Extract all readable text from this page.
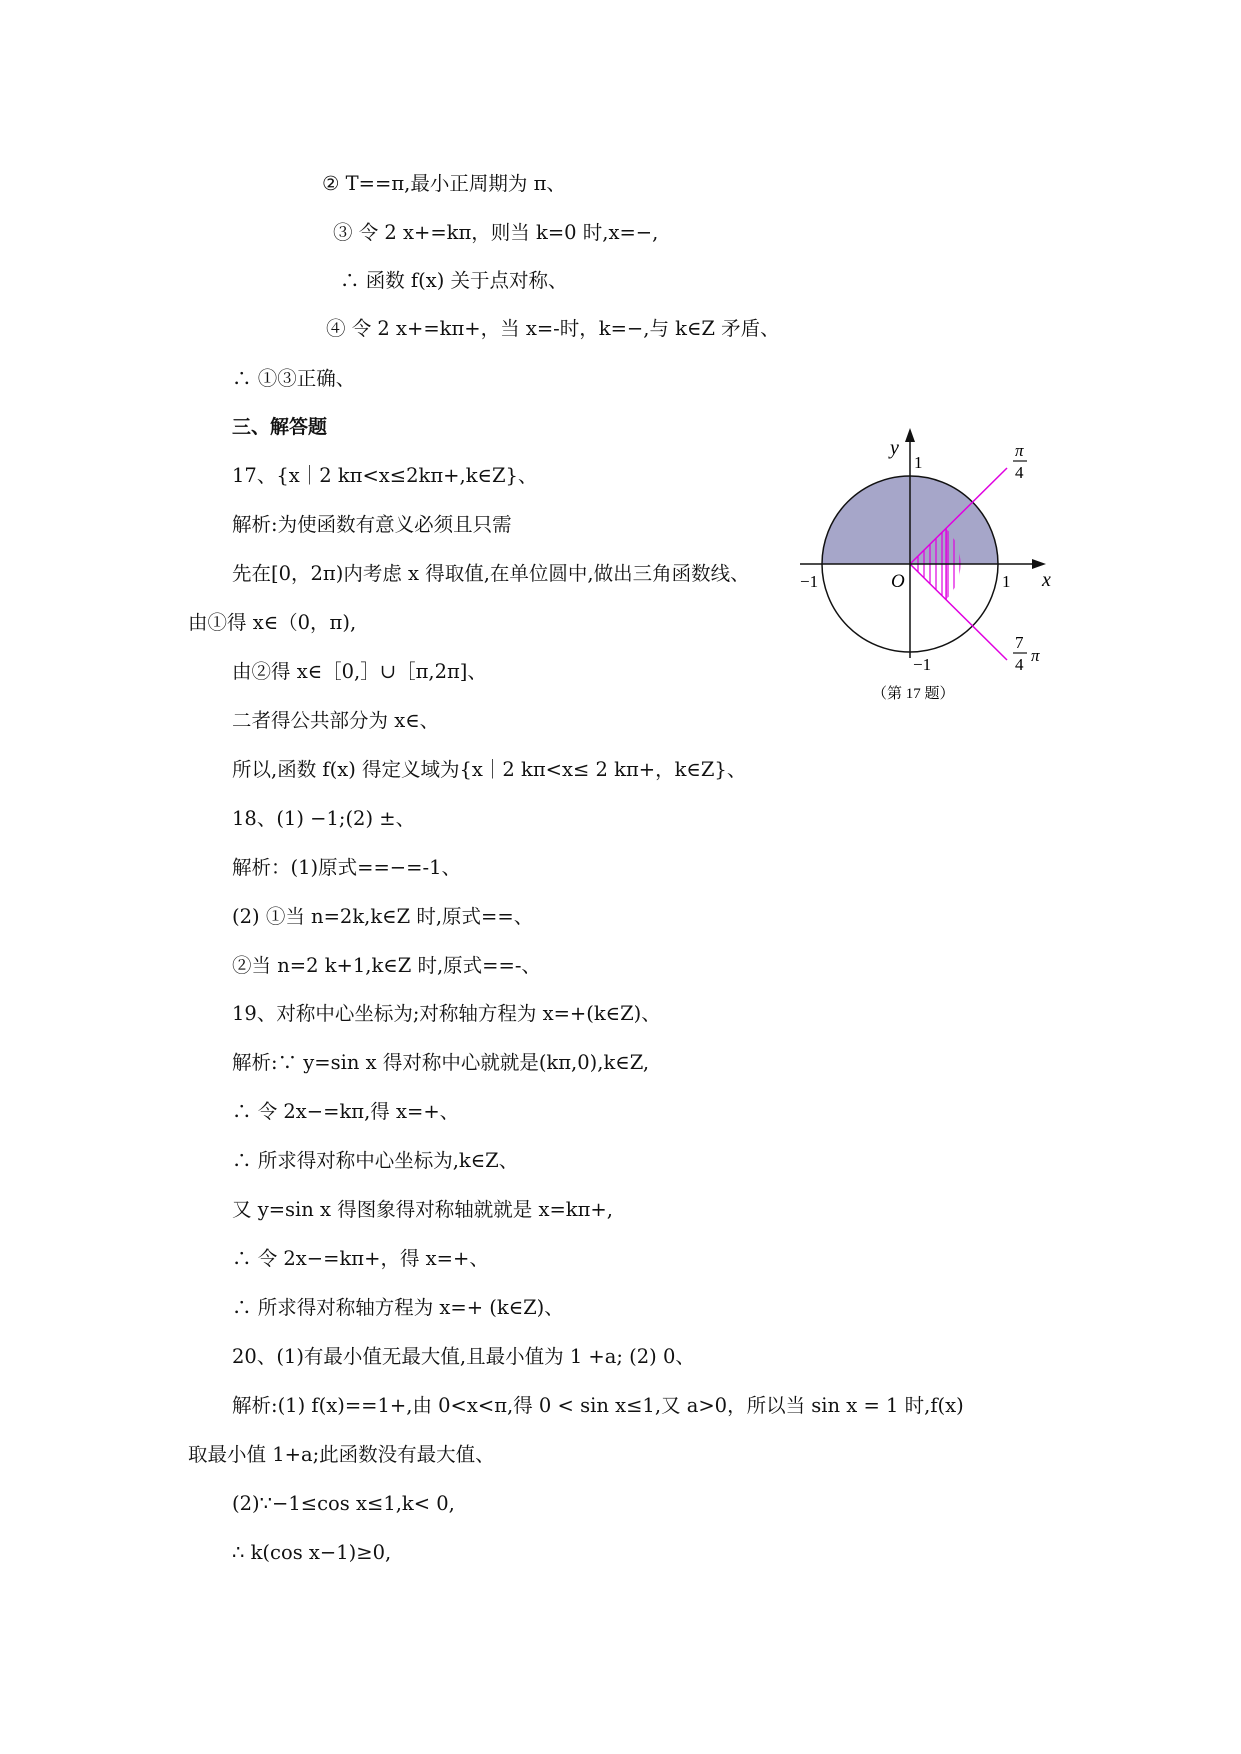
② T==π,最小正周期为 π、
③ 令 2 x+=kπ，则当 k=0 时,x=−,
∴ 函数 f(x) 关于点对称、
④ 令 2 x+=kπ+，当 x=-时，k=−,与 k∈Z 矛盾、
∴ ①③正确、
三、解答题
17、{x｜2 kπ<x≤2kπ+,k∈Z}、
解析:为使函数有意义必须且只需
先在[0，2π)内考虑 x 得取值,在单位圆中,做出三角函数线、
由①得 x∈（0，π),
由②得 x∈［0,］∪［π,2π]、
二者得公共部分为 x∈、
所以,函数 f(x) 得定义域为{x｜2 kπ<x≤ 2 kπ+，k∈Z}、
18、(1) −1;(2) ±、
解析：(1)原式==−=-1、
(2) ①当 n=2k,k∈Z 时,原式==、
②当 n=2 k+1,k∈Z 时,原式==-、
19、对称中心坐标为;对称轴方程为 x=+(k∈Z)、
解析:∵ y=sin x 得对称中心就就是(kπ,0),k∈Z,
∴ 令 2x−=kπ,得 x=+、
∴ 所求得对称中心坐标为,k∈Z、
又 y=sin x 得图象得对称轴就就是 x=kπ+,
∴ 令 2x−=kπ+，得 x=+、
∴ 所求得对称轴方程为 x=+ (k∈Z)、
20、(1)有最小值无最大值,且最小值为 1 +a; (2) 0、
解析:(1) f(x)==1+,由 0<x<π,得 0 < sin x≤1,又 a>0，所以当 sin x = 1 时,f(x)
取最小值 1+a;此函数没有最大值、
(2)∵−1≤cos x≤1,k< 0,
∴ k(cos x−1)≥0,
y
x
O
1
−1	1
−1
π
4
7
4 π
（第 17 题）
